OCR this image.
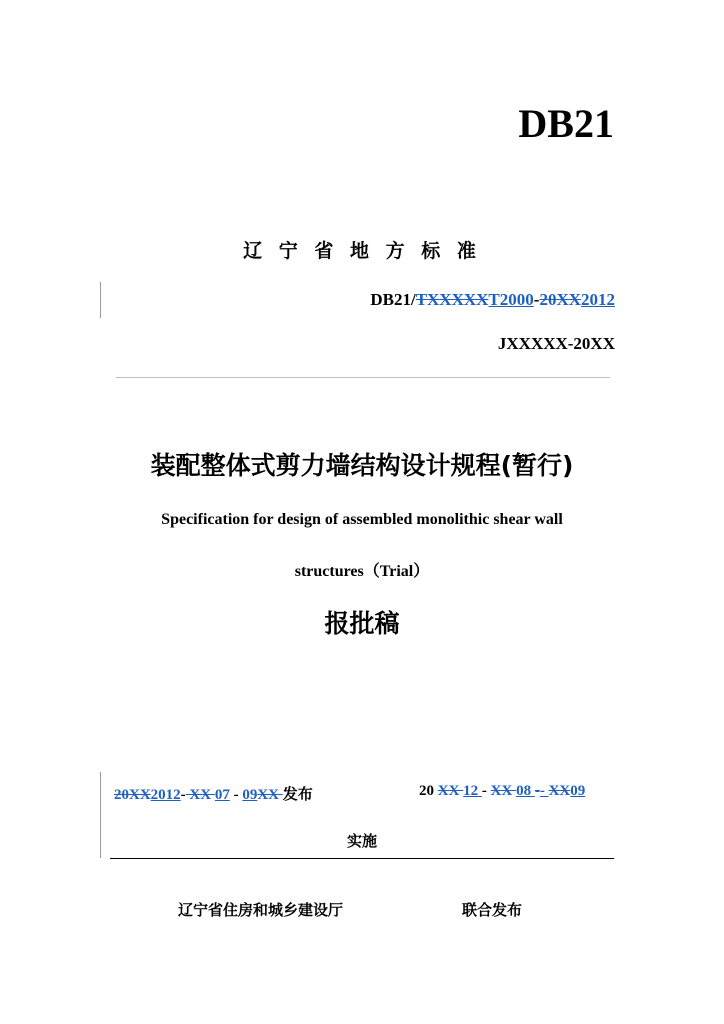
DB21
辽 宁 省 地 方 标 准
DB21/TXXXXXT2000-20XX2012
JXXXXX-20XX
装配整体式剪力墙结构设计规程(暂行)
Specification for design of assembled monolithic shear wall
structures（Trial）
报批稿
20XX2012- XX 07 - 09XX 发布	20 XX 12 - XX 08 -- XX09
实施
辽宁省住房和城乡建设厅	联合发布
